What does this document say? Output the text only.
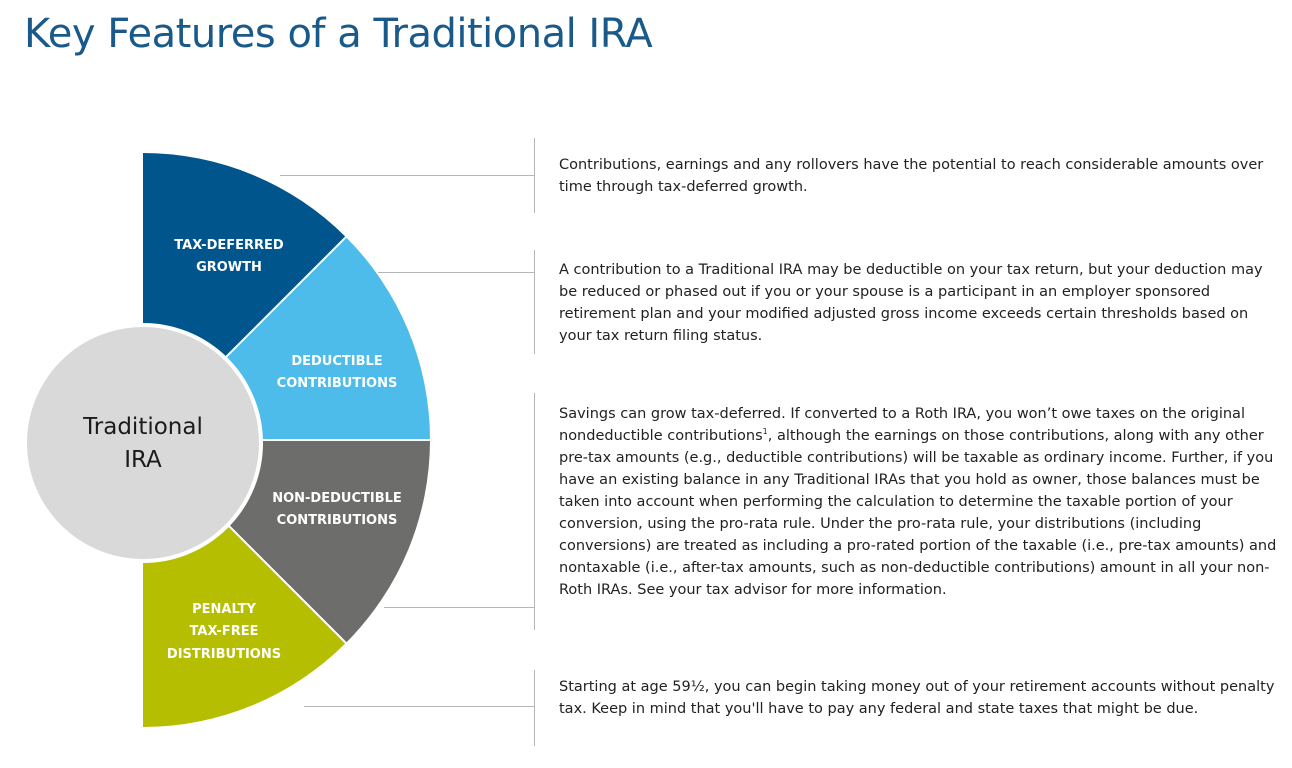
Key Features of a Traditional IRA
Traditional
IRA
TAX-DEFERRED
GROWTH
DEDUCTIBLE
CONTRIBUTIONS
NON-DEDUCTIBLE
CONTRIBUTIONS
PENALTY
TAX-FREE
DISTRIBUTIONS

Contributions, earnings and any rollovers have the potential to reach considerable amounts over time through tax-deferred growth.

A contribution to a Traditional IRA may be deductible on your tax return, but your deduction may be reduced or phased out if you or your spouse is a participant in an employer sponsored retirement plan and your modified adjusted gross income exceeds certain thresholds based on your tax return filing status.

Savings can grow tax-deferred. If converted to a Roth IRA, you won’t owe taxes on the original nondeductible contributions$^1$, although the earnings on those contributions, along with any other pre-tax amounts (e.g., deductible contributions) will be taxable as ordinary income. Further, if you have an existing balance in any Traditional IRAs that you hold as owner, those balances must be taken into account when performing the calculation to determine the taxable portion of your conversion, using the pro-rata rule. Under the pro-rata rule, your distributions (including conversions) are treated as including a pro-rated portion of the taxable (i.e., pre-tax amounts) and nontaxable (i.e., after-tax amounts, such as non-deductible contributions) amount in all your non-Roth IRAs. See your tax advisor for more information.

Starting at age 59½, you can begin taking money out of your retirement accounts without penalty tax. Keep in mind that you'll have to pay any federal and state taxes that might be due.
